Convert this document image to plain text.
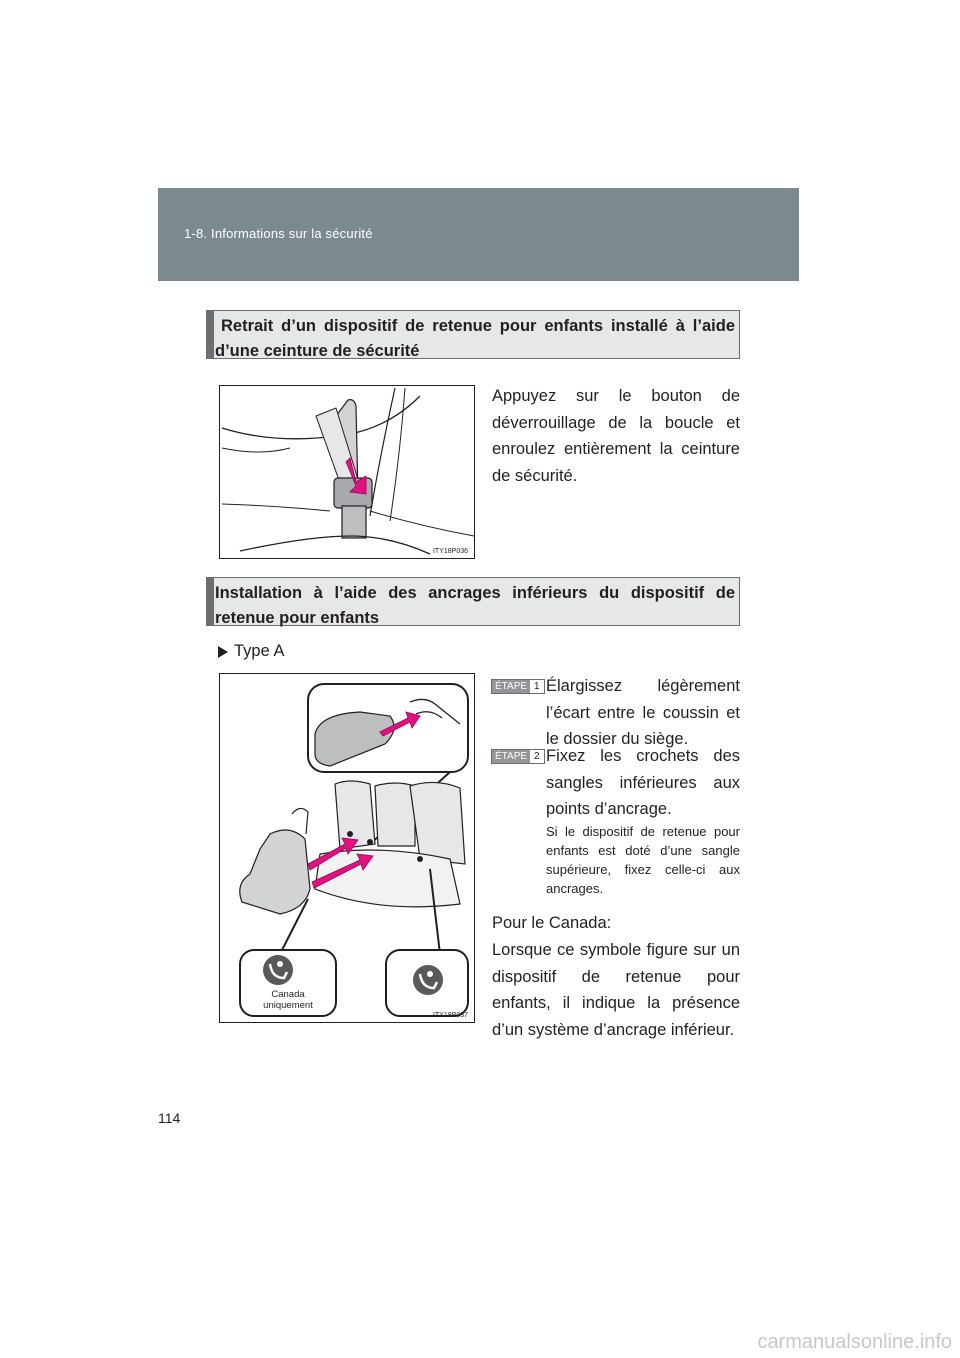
1-8. Informations sur la sécurité
Retrait d’un dispositif de retenue pour enfants installé à l’aide d’une ceinture de sécurité
ITY18P036
Appuyez sur le bouton de déverrouillage de la boucle et enroulez entièrement la ceinture de sécurité.
Installation à l’aide des ancrages inférieurs du dispositif de retenue pour enfants
Type A
Canada uniquement
ITY18P037
ÉTAPE 1 Élargissez légèrement l’écart entre le coussin et le dossier du siège.
ÉTAPE 2 Fixez les crochets des sangles inférieures aux points d’ancrage.
Si le dispositif de retenue pour enfants est doté d’une sangle supérieure, fixez celle-ci aux ancrages.
Pour le Canada:
Lorsque ce symbole figure sur un dispositif de retenue pour enfants, il indique la présence d’un système d’ancrage inférieur.
114
carmanualsonline.info
